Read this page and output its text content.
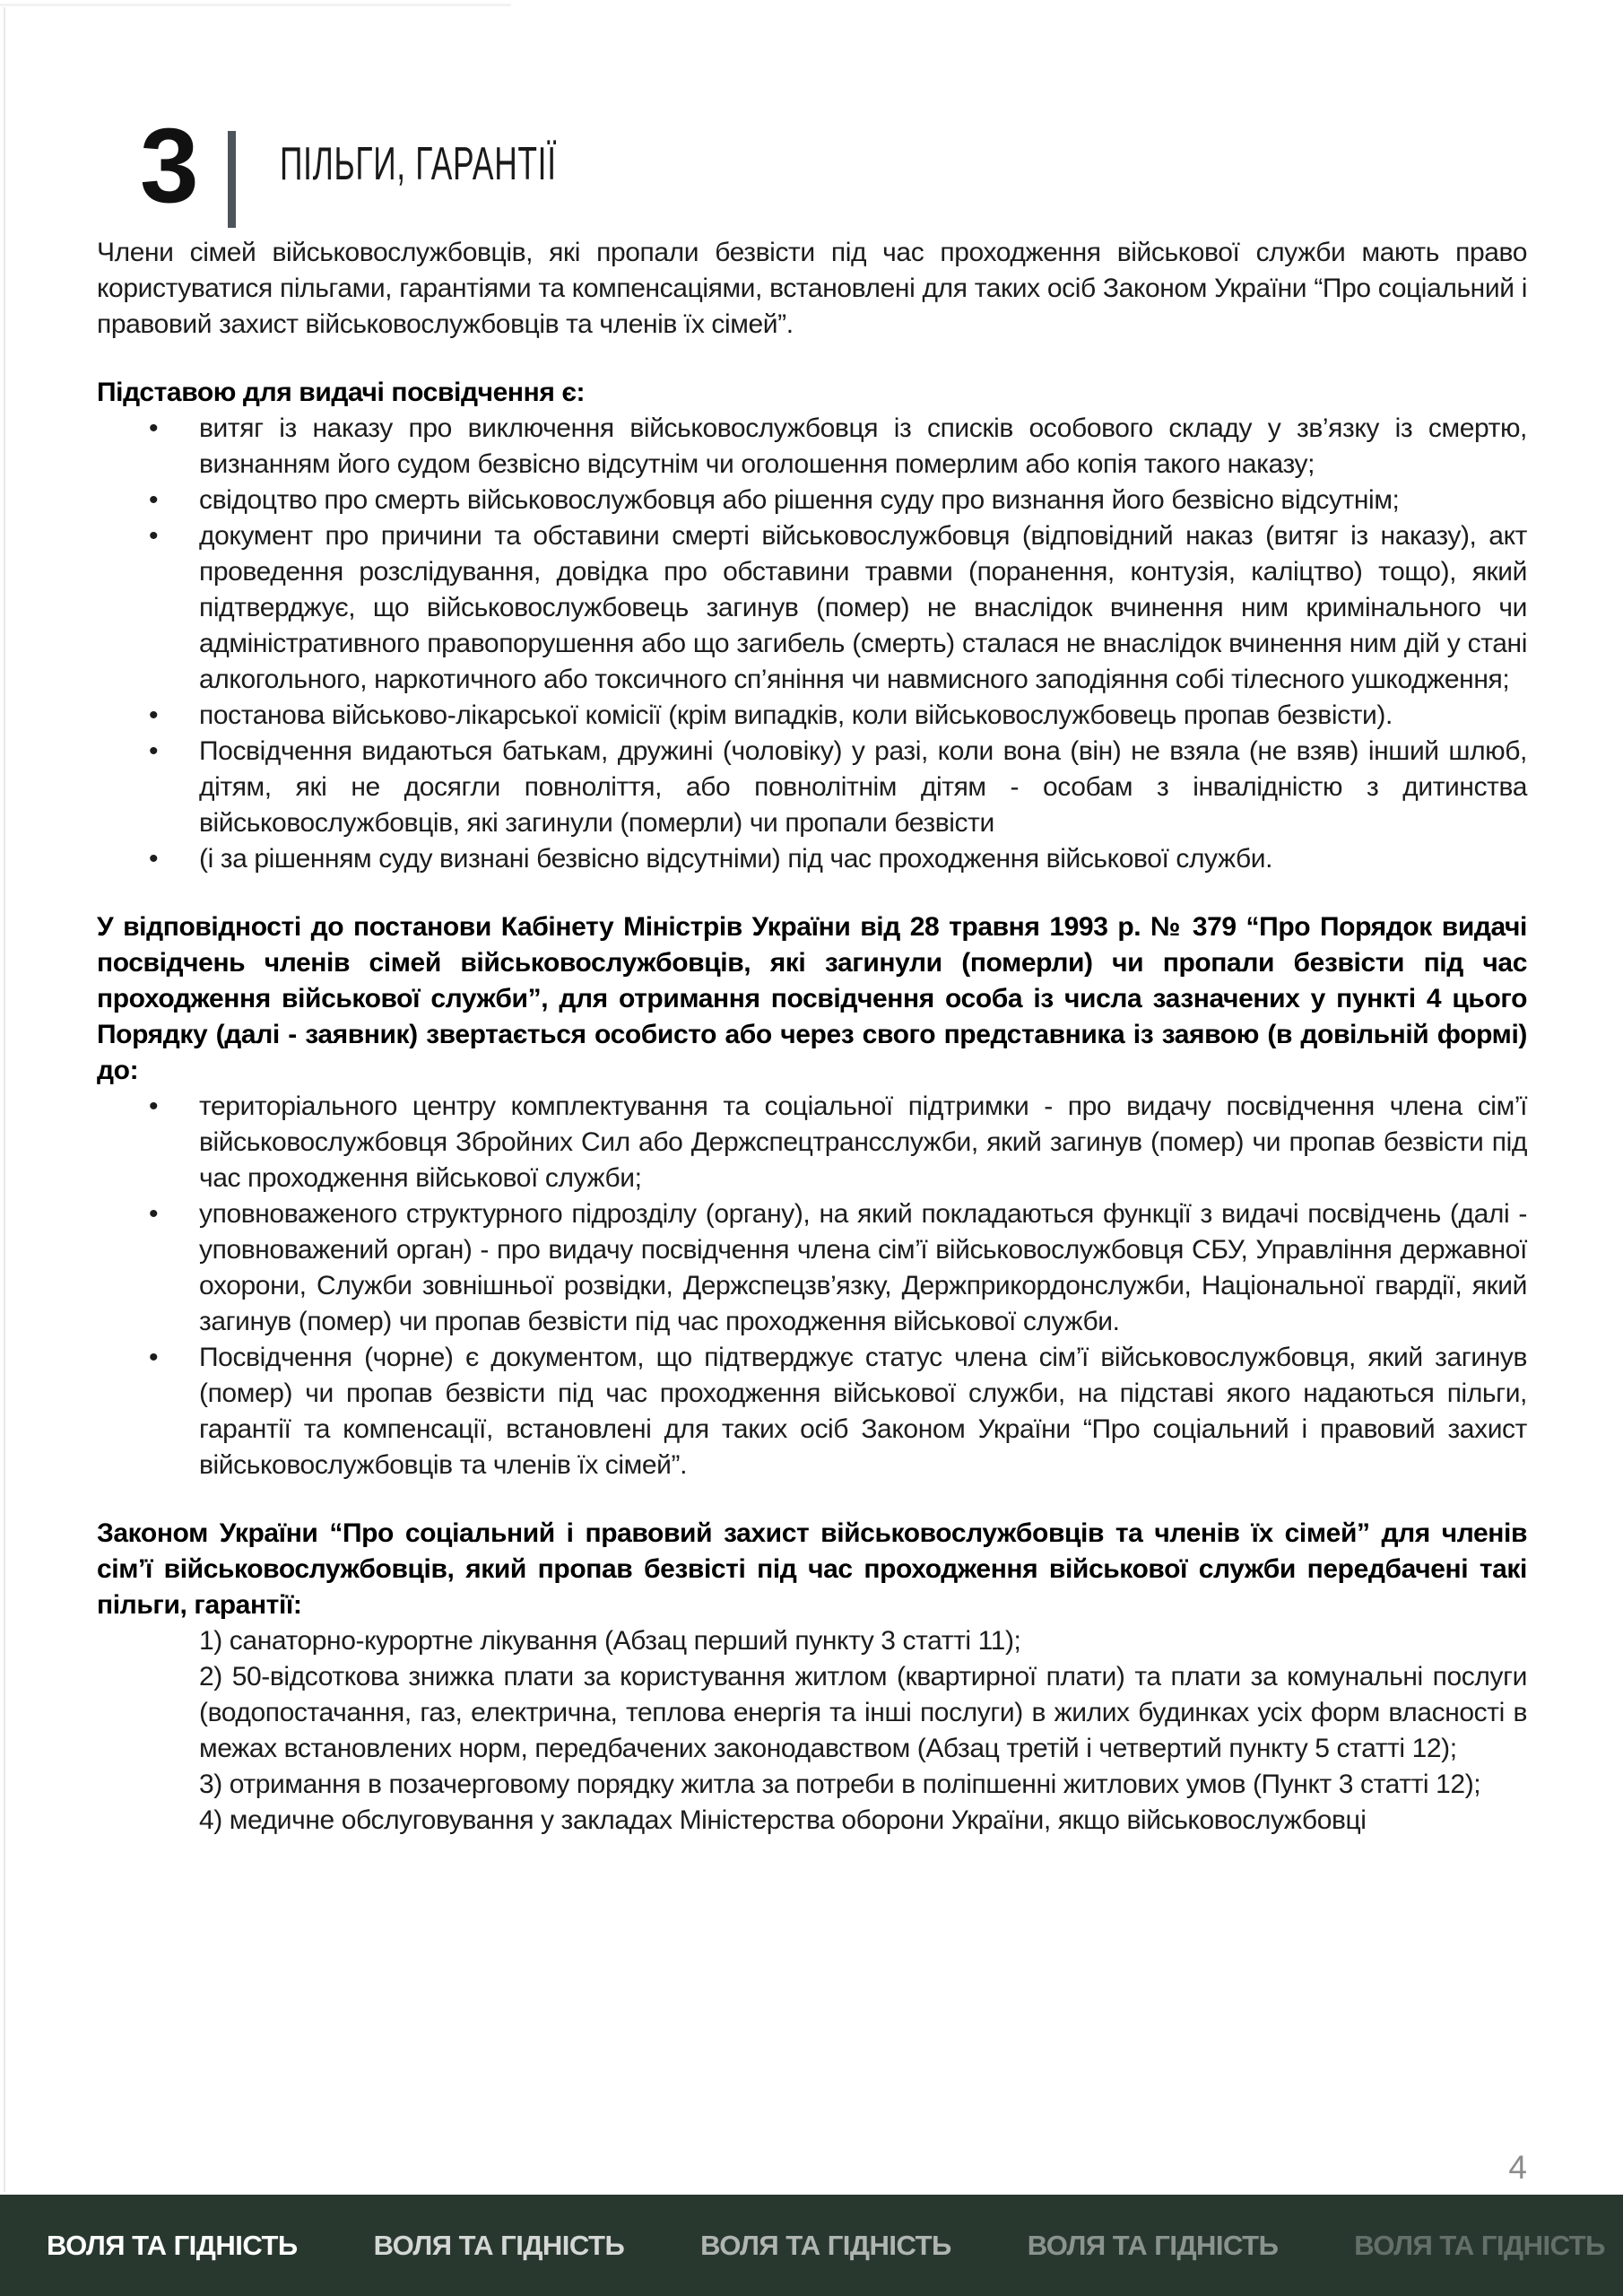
3 ПІЛЬГИ, ГАРАНТІЇ

Члени сімей військовослужбовців, які пропали безвісти під час проходження військової служби мають право користуватися пільгами, гарантіями та компенсаціями, встановлені для таких осіб Законом України “Про соціальний і правовий захист військовослужбовців та членів їх сімей”.

Підставою для видачі посвідчення є:

• витяг із наказу про виключення військовослужбовця із списків особового складу у зв’язку із смертю, визнанням його судом безвісно відсутнім чи оголошення померлим або копія такого наказу;
• свідоцтво про смерть військовослужбовця або рішення суду про визнання його безвісно відсутнім;
• документ про причини та обставини смерті військовослужбовця (відповідний наказ (витяг із наказу), акт проведення розслідування, довідка про обставини травми (поранення, контузія, каліцтво) тощо), який підтверджує, що військовослужбовець загинув (помер) не внаслідок вчинення ним кримінального чи адміністративного правопорушення або що загибель (смерть) сталася не внаслідок вчинення ним дій у стані алкогольного, наркотичного або токсичного сп’яніння чи навмисного заподіяння собі тілесного ушкодження;
• постанова військово-лікарської комісії (крім випадків, коли військовослужбовець пропав безвісти).
• Посвідчення видаються батькам, дружині (чоловіку) у разі, коли вона (він) не взяла (не взяв) інший шлюб, дітям, які не досягли повноліття, або повнолітнім дітям - особам з інвалідністю з дитинства військовослужбовців, які загинули (померли) чи пропали безвісти
• (і за рішенням суду визнані безвісно відсутніми) під час проходження військової служби.

У відповідності до постанови Кабінету Міністрів України від 28 травня 1993 р. № 379 “Про Порядок видачі посвідчень членів сімей військовослужбовців, які загинули (померли) чи пропали безвісти під час проходження військової служби”, для отримання посвідчення особа із числа зазначених у пункті 4 цього Порядку (далі - заявник) звертається особисто або через свого представника із заявою (в довільній формі) до:

• територіального центру комплектування та соціальної підтримки - про видачу посвідчення члена сім’ї військовослужбовця Збройних Сил або Держспецтрансслужби, який загинув (помер) чи пропав безвісти під час проходження військової служби;
• уповноваженого структурного підрозділу (органу), на який покладаються функції з видачі посвідчень (далі - уповноважений орган) - про видачу посвідчення члена сім’ї військовослужбовця СБУ, Управління державної охорони, Служби зовнішньої розвідки, Держспецзв’язку, Держприкордонслужби, Національної гвардії, який загинув (помер) чи пропав безвісти під час проходження військової служби.
• Посвідчення (чорне) є документом, що підтверджує статус члена сім’ї військовослужбовця, який загинув (помер) чи пропав безвісти під час проходження військової служби, на підставі якого надаються пільги, гарантії та компенсації, встановлені для таких осіб Законом України “Про соціальний і правовий захист військовослужбовців та членів їх сімей”.

Законом України “Про соціальний і правовий захист військовослужбовців та членів їх сімей” для членів сім’ї військовослужбовців, який пропав безвісті під час проходження військової служби передбачені такі пільги, гарантії:

1) санаторно-курортне лікування (Абзац перший пункту 3 статті 11);

2) 50-відсоткова знижка плати за користування житлом (квартирної плати) та плати за комунальні послуги (водопостачання, газ, електрична, теплова енергія та інші послуги) в жилих будинках усіх форм власності в межах встановлених норм, передбачених законодавством (Абзац третій і четвертий пункту 5 статті 12);

3) отримання в позачерговому порядку житла за потреби в поліпшенні житлових умов (Пункт 3 статті 12);

4) медичне обслуговування у закладах Міністерства оборони України, якщо військовослужбовці

4
ВОЛЯ ТА ГІДНІСТЬ	ВОЛЯ ТА ГІДНІСТЬ	ВОЛЯ ТА ГІДНІСТЬ	ВОЛЯ ТА ГІДНІСТЬ	ВОЛЯ ТА ГІДНІСТЬ
